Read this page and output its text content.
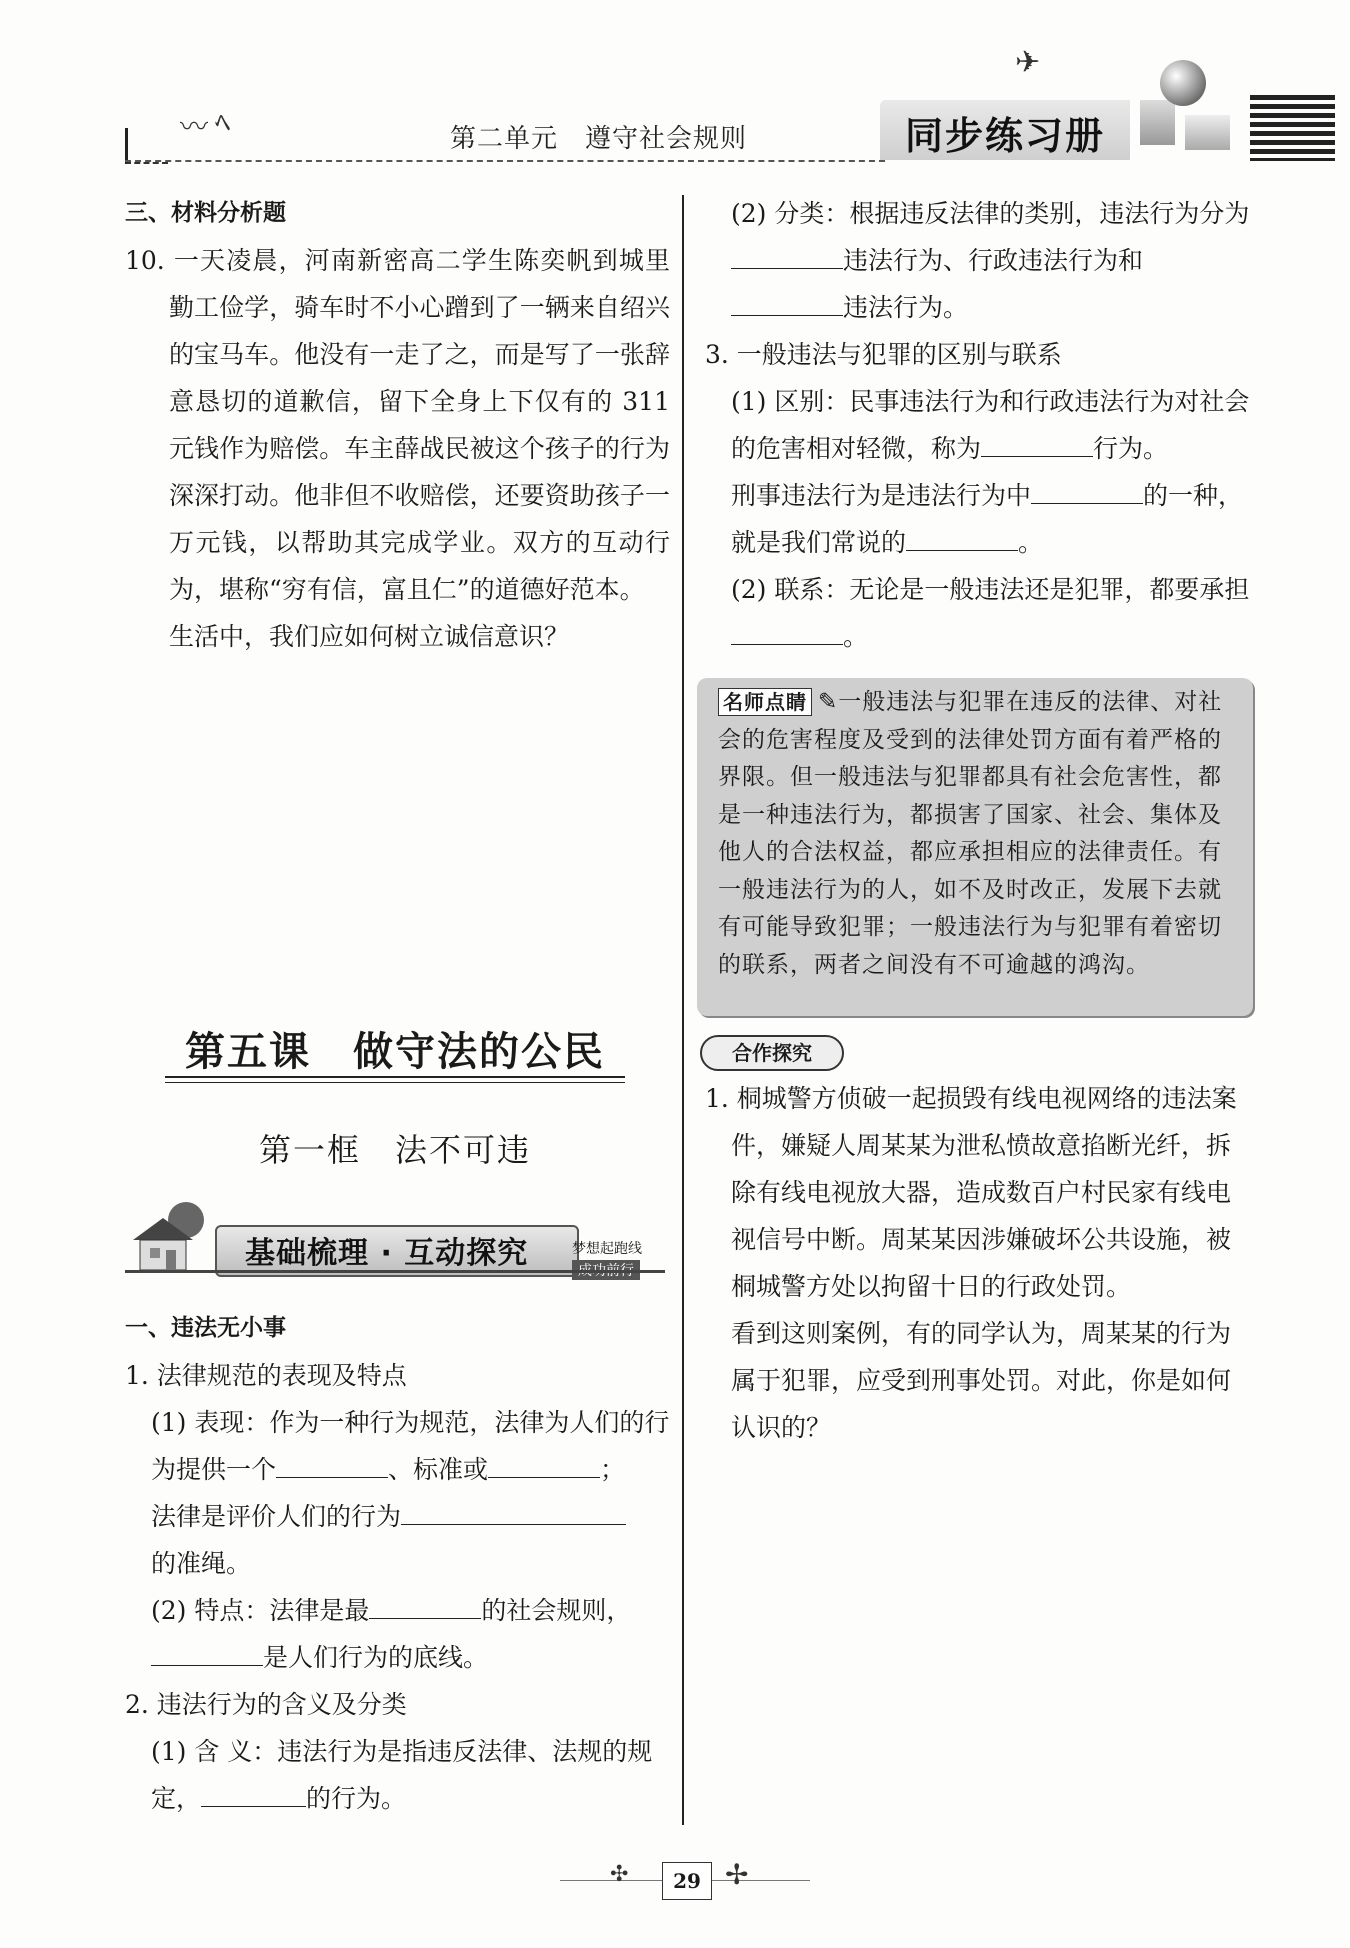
〰 ﾍ	第二单元　遵守社会规则
✈
同步练习册

三、材料分析题

10. 一天凌晨，河南新密高二学生陈奕帆到城里勤工俭学，骑车时不小心蹭到了一辆来自绍兴的宝马车。他没有一走了之，而是写了一张辞意恳切的道歉信，留下全身上下仅有的 311 元钱作为赔偿。车主薛战民被这个孩子的行为深深打动。他非但不收赔偿，还要资助孩子一万元钱，以帮助其完成学业。双方的互动行为，堪称“穷有信，富且仁”的道德好范本。

生活中，我们应如何树立诚信意识？

第五课　做守法的公民
第一框　法不可违
基础梳理 · 互动探究	梦想起跑线
成功前行

一、违法无小事

1. 法律规范的表现及特点

(1) 表现：作为一种行为规范，法律为人们的行为提供一个	、标准或	；
法律是评价人们的行为
的准绳。

(2) 特点：法律是最	的社会规则，
是人们行为的底线。

2. 违法行为的含义及分类

(1) 含 义：违法行为是指违反法律、法规的规定，	的行为。

(2) 分类：根据违反法律的类别，违法行为分为违法行为、行政违法行为和
违法行为。

3. 一般违法与犯罪的区别与联系

(1) 区别：民事违法行为和行政违法行为对社会的危害相对轻微，称为	行为。
刑事违法行为是违法行为中	的一种，就是我们常说的	。

(2) 联系：无论是一般违法还是犯罪，都要承担。

名师点睛 ✎一般违法与犯罪在违反的法律、对社会的危害程度及受到的法律处罚方面有着严格的界限。但一般违法与犯罪都具有社会危害性，都是一种违法行为，都损害了国家、社会、集体及他人的合法权益，都应承担相应的法律责任。有一般违法行为的人，如不及时改正，发展下去就有可能导致犯罪；一般违法行为与犯罪有着密切的联系，两者之间没有不可逾越的鸿沟。
合作探究

1. 桐城警方侦破一起损毁有线电视网络的违法案件，嫌疑人周某某为泄私愤故意掐断光纤，拆除有线电视放大器，造成数百户村民家有线电视信号中断。周某某因涉嫌破坏公共设施，被桐城警方处以拘留十日的行政处罚。

看到这则案例，有的同学认为，周某某的行为属于犯罪，应受到刑事处罚。对此，你是如何认识的？

✣	✢
29
